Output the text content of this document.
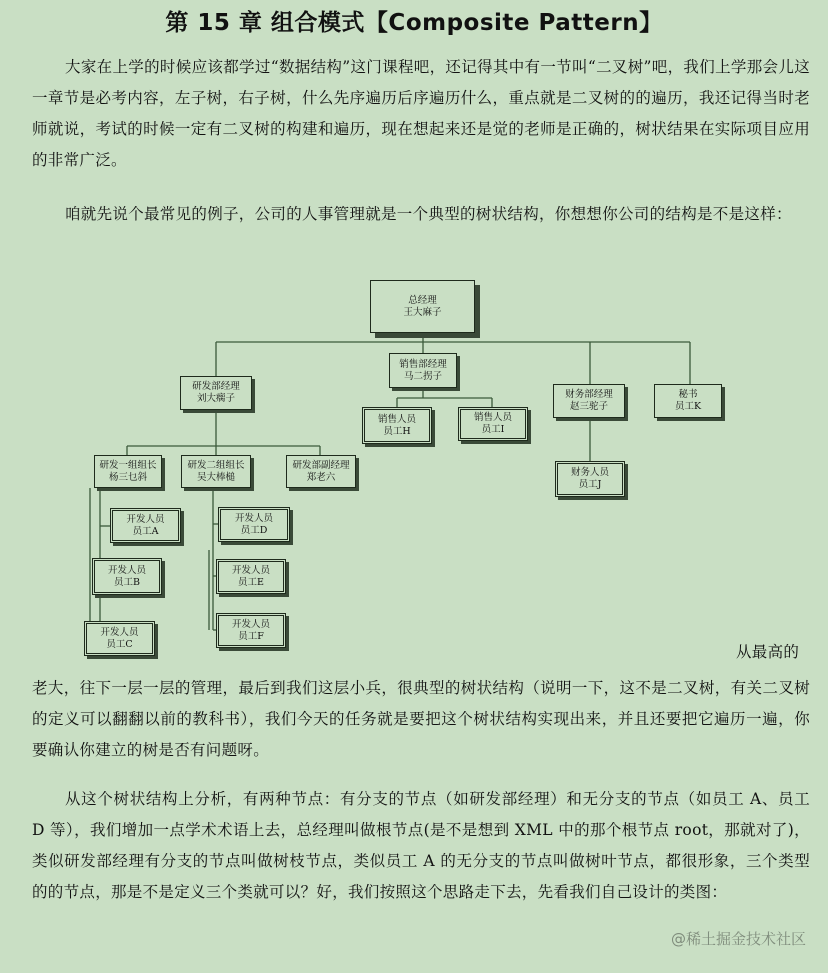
第 15 章 组合模式【Composite Pattern】
大家在上学的时候应该都学过“数据结构”这门课程吧，还记得其中有一节叫“二叉树”吧，我们上学那会儿这一章节是必考内容，左子树，右子树，什么先序遍历后序遍历什么，重点就是二叉树的的遍历，我还记得当时老师就说，考试的时候一定有二叉树的构建和遍历，现在想起来还是觉的老师是正确的，树状结果在实际项目应用的非常广泛。
咱就先说个最常见的例子，公司的人事管理就是一个典型的树状结构，你想想你公司的结构是不是这样：
总经理
王大麻子
销售部经理
马二拐子
研发部经理
刘大瘸子	财务部经理
赵三驼子
秘书
员工K
销售人员
员工H
销售人员
员工I
财务人员
员工J
研发一组组长
杨三乜斜
研发二组组长
吴大棒槌
研发部副经理
郑老六
开发人员
员工A
开发人员
员工B
开发人员
员工C
开发人员
员工D
开发人员
员工E
开发人员
员工F
从最高的
老大，往下一层一层的管理，最后到我们这层小兵，很典型的树状结构（说明一下，这不是二叉树，有关二叉树的定义可以翻翻以前的教科书），我们今天的任务就是要把这个树状结构实现出来，并且还要把它遍历一遍，你要确认你建立的树是否有问题呀。
从这个树状结构上分析，有两种节点：有分支的节点（如研发部经理）和无分支的节点（如员工 A、员工 D 等），我们增加一点学术术语上去，总经理叫做根节点(是不是想到 XML 中的那个根节点 root，那就对了)，类似研发部经理有分支的节点叫做树枝节点，类似员工 A 的无分支的节点叫做树叶节点，都很形象，三个类型的的节点，那是不是定义三个类就可以？好，我们按照这个思路走下去，先看我们自己设计的类图：
@稀土掘金技术社区
